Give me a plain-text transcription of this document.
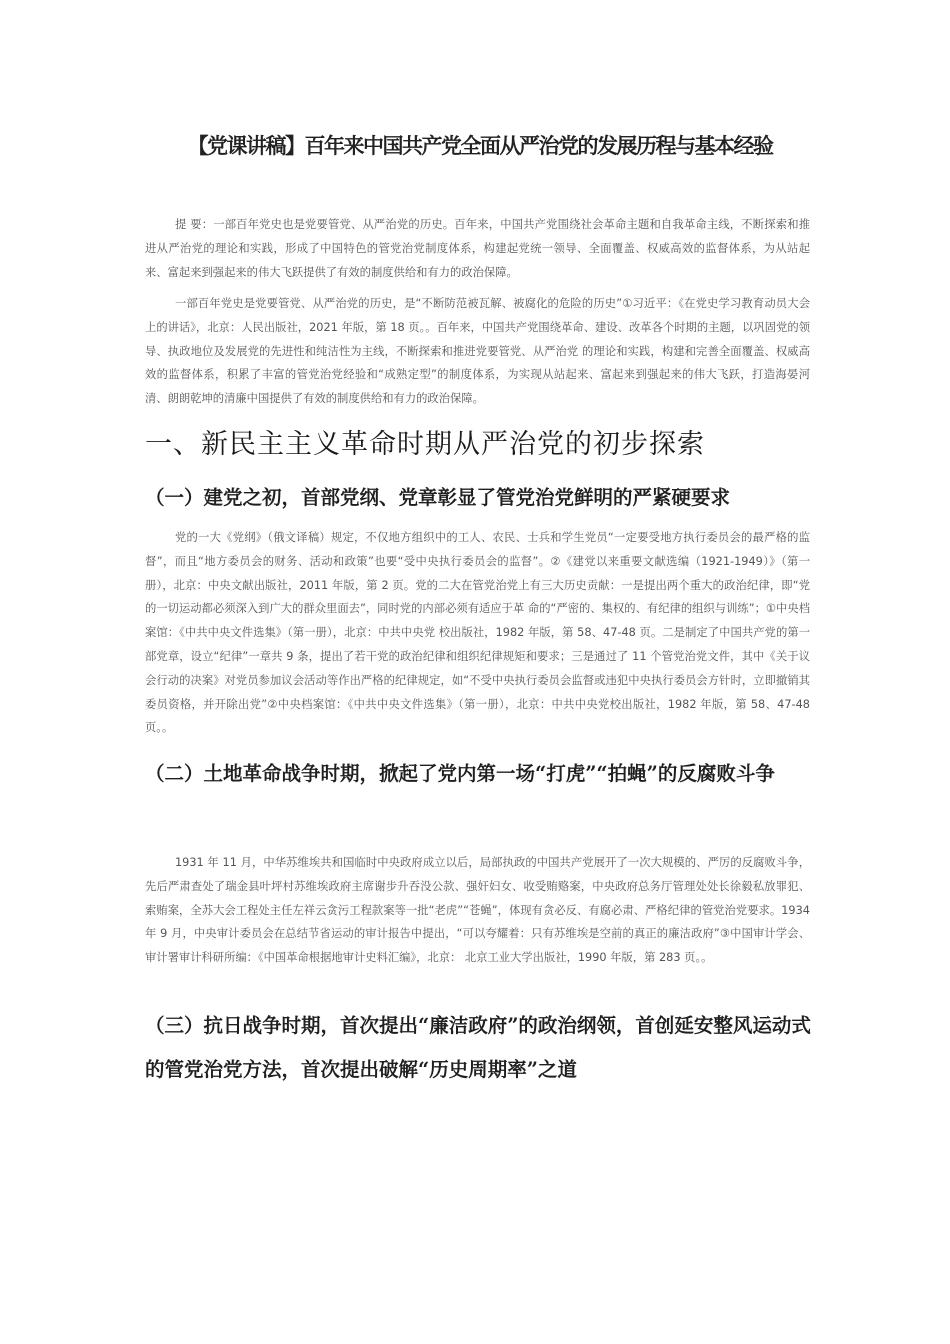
【党课讲稿】百年来中国共产党全面从严治党的发展历程与基本经验

提 要：一部百年党史也是党要管党、从严治党的历史。百年来，中国共产党围绕社会革命主题和自我革命主线，不断探索和推进从严治党的理论和实践，形成了中国特色的管党治党制度体系，构建起党统一领导、全面覆盖、权威高效的监督体系，为从站起来、富起来到强起来的伟大飞跃提供了有效的制度供给和有力的政治保障。

一部百年党史是党要管党、从严治党的历史，是“不断防范被瓦解、被腐化的危险的历史”①习近平：《在党史学习教育动员大会上的讲话》，北京：人民出版社，2021 年版，第 18 页。。百年来，中国共产党围绕革命、建设、改革各个时期的主题，以巩固党的领导、执政地位及发展党的先进性和纯洁性为主线，不断探索和推进党要管党、从严治党 的理论和实践，构建和完善全面覆盖、权威高效的监督体系，积累了丰富的管党治党经验和“成熟定型”的制度体系，为实现从站起来、富起来到强起来的伟大飞跃，打造海晏河清、朗朗乾坤的清廉中国提供了有效的制度供给和有力的政治保障。

一、新民主主义革命时期从严治党的初步探索
（一）建党之初，首部党纲、党章彰显了管党治党鲜明的严紧硬要求

党的一大《党纲》（俄文译稿）规定，不仅地方组织中的工人、农民、士兵和学生党员“一定要受地方执行委员会的最严格的监督”，而且“地方委员会的财务、活动和政策”也要“受中央执行委员会的监督”。②《建党以来重要文献选编（1921-1949）》（第一册），北京：中央文献出版社，2011 年版，第 2 页。党的二大在管党治党上有三大历史贡献：一是提出两个重大的政治纪律，即“党的一切运动都必须深入到广大的群众里面去”，同时党的内部必须有适应于革 命的“严密的、集权的、有纪律的组织与训练”；①中央档案馆：《中共中央文件选集》（第一册），北京：中共中央党 校出版社，1982 年版，第 58、47-48 页。二是制定了中国共产党的第一部党章，设立“纪律”一章共 9 条，提出了若干党的政治纪律和组织纪律规矩和要求；三是通过了 11 个管党治党文件，其中《关于议会行动的决案》对党员参加议会活动等作出严格的纪律规定，如“不受中央执行委员会监督或违犯中央执行委员会方针时，立即撤销其委员资格，并开除出党”②中央档案馆：《中共中央文件选集》（第一册），北京：中共中央党校出版社，1982 年版，第 58、47-48 页。。

（二）土地革命战争时期，掀起了党内第一场“打虎”“拍蝇”的反腐败斗争

1931 年 11 月，中华苏维埃共和国临时中央政府成立以后，局部执政的中国共产党展开了一次大规模的、严厉的反腐败斗争，先后严肃查处了瑞金县叶坪村苏维埃政府主席谢步升吞没公款、强奸妇女、收受贿赂案，中央政府总务厅管理处处长徐毅私放罪犯、索贿案，全苏大会工程处主任左祥云贪污工程款案等一批“老虎”“苍蝇”，体现有贪必反、有腐必肃、严格纪律的管党治党要求。1934 年 9 月，中央审计委员会在总结节省运动的审计报告中提出，“可以夸耀着：只有苏维埃是空前的真正的廉洁政府”③中国审计学会、审计署审计科研所编：《中国革命根据地审计史料汇编》，北京： 北京工业大学出版社，1990 年版，第 283 页。。

（三）抗日战争时期，首次提出“廉洁政府”的政治纲领，首创延安整风运动式的管党治党方法，首次提出破解“历史周期率”之道
